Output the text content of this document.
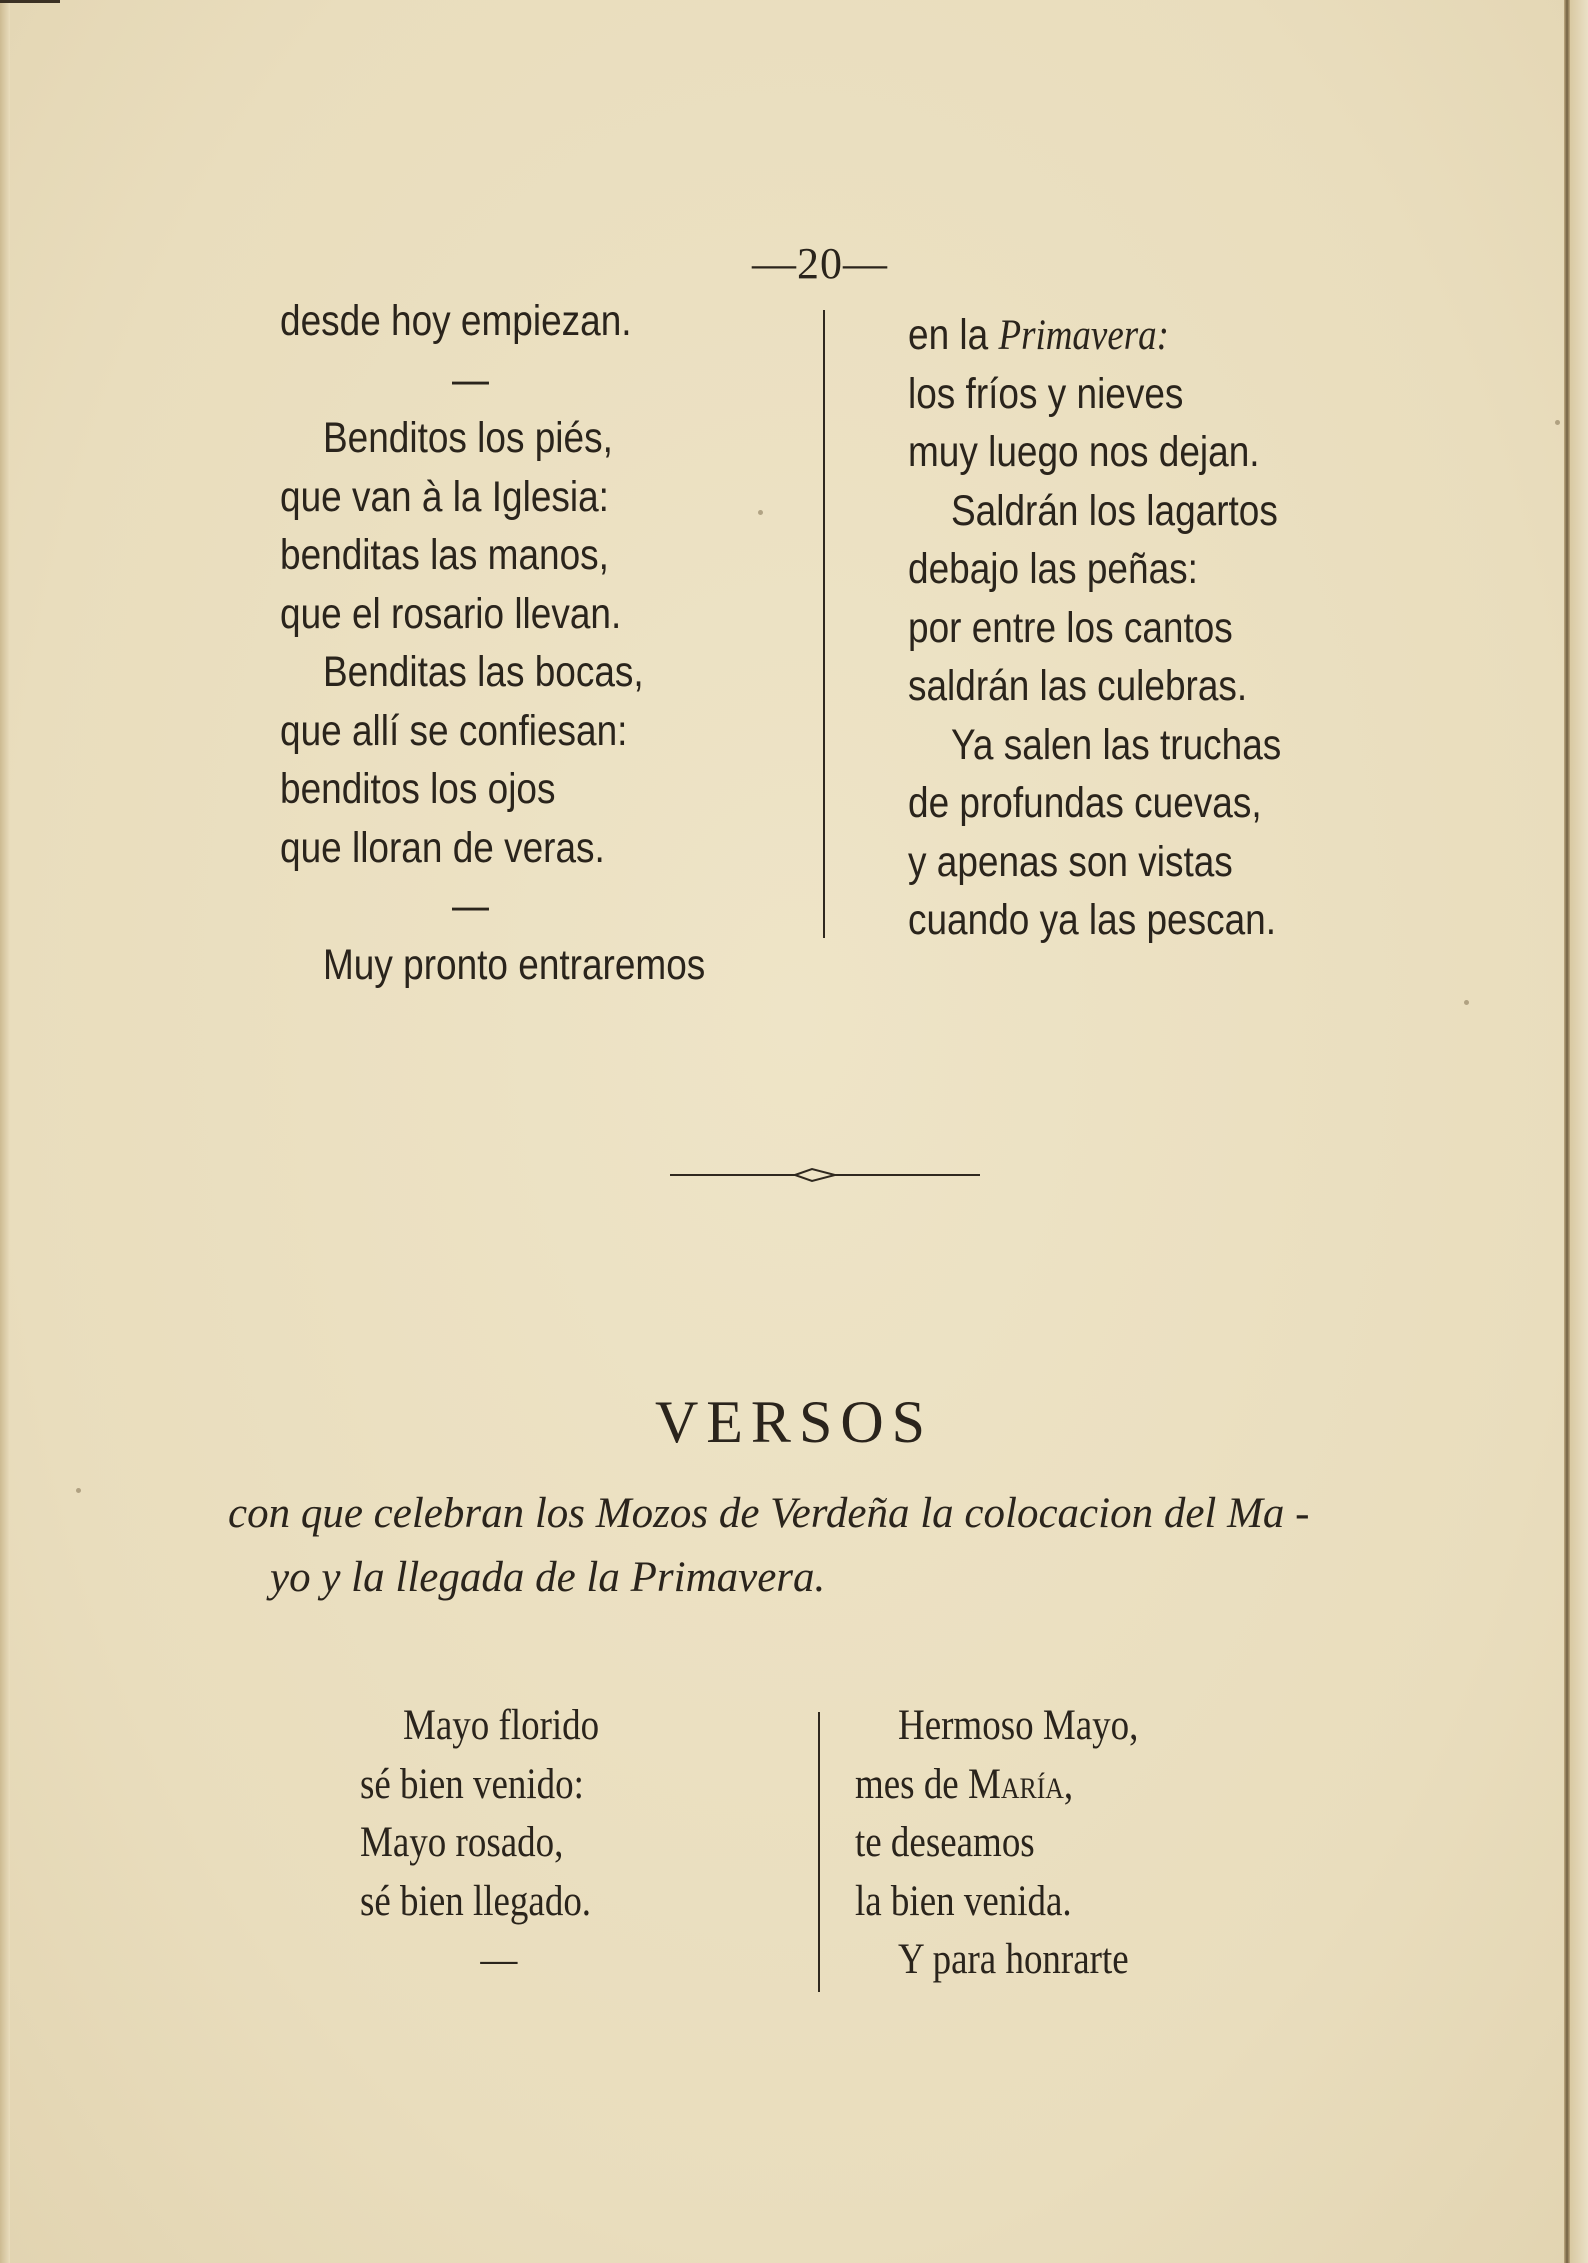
—20—
desde hoy empiezan.
—
Benditos los piés,
que van à la Iglesia:
benditas las manos,
que el rosario llevan.
Benditas las bocas,
que allí se confiesan:
benditos los ojos
que lloran de veras.
—
Muy pronto entraremos
en la Primavera:
los fríos y nieves
muy luego nos dejan.
Saldrán los lagartos
debajo las peñas:
por entre los cantos
saldrán las culebras.
Ya salen las truchas
de profundas cuevas,
y apenas son vistas
cuando ya las pescan.
VERSOS
con que celebran los Mozos de Verdeña la colocacion del Ma -
yo y la llegada de la Primavera.
Mayo florido
sé bien venido:
Mayo rosado,
sé bien llegado.
—
Hermoso Mayo,
mes de María,
te deseamos
la bien venida.
Y para honrarte
